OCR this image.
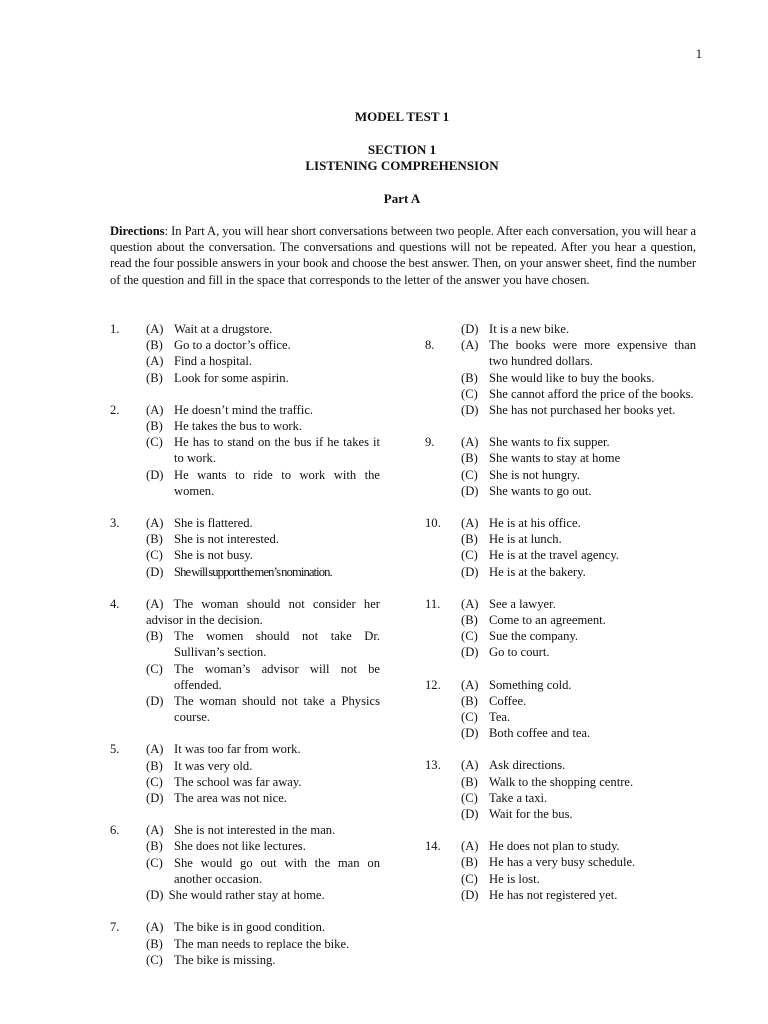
1
MODEL TEST 1
SECTION 1
LISTENING COMPREHENSION
Part A
Directions: In Part A, you will hear short conversations between two people. After each conversation, you will hear a question about the conversation. The conversations and questions will not be repeated. After you hear a question, read the four possible answers in your book and choose the best answer. Then, on your answer sheet, find the number of the question and fill in the space that corresponds to the letter of the answer you have chosen.
1. (A) Wait at a drugstore.
(B) Go to a doctor’s office.
(A) Find a hospital.
(B) Look for some aspirin.
2. (A) He doesn’t mind the traffic.
(B) He takes the bus to work.
(C) He has to stand on the bus if he takes it to work.
(D) He wants to ride to work with the women.
3. (A) She is flattered.
(B) She is not interested.
(C) She is not busy.
(D) She will support the men’s nomination.
4. (A) The woman should not consider her advisor in the decision.
(B) The women should not take Dr. Sullivan’s section.
(C) The woman’s advisor will not be offended.
(D) The woman should not take a Physics course.
5. (A) It was too far from work.
(B) It was very old.
(C) The school was far away.
(D) The area was not nice.
6. (A) She is not interested in the man.
(B) She does not like lectures.
(C) She would go out with the man on another occasion.
(D) She would rather stay at home.
7. (A) The bike is in good condition.
(B) The man needs to replace the bike.
(C) The bike is missing.
(D) It is a new bike.
8. (A) The books were more expensive than two hundred dollars.
(B) She would like to buy the books.
(C) She cannot afford the price of the books.
(D) She has not purchased her books yet.
9. (A) She wants to fix supper.
(B) She wants to stay at home
(C) She is not hungry.
(D) She wants to go out.
10. (A) He is at his office.
(B) He is at lunch.
(C) He is at the travel agency.
(D) He is at the bakery.
11. (A) See a lawyer.
(B) Come to an agreement.
(C) Sue the company.
(D) Go to court.
12. (A) Something cold.
(B) Coffee.
(C) Tea.
(D) Both coffee and tea.
13. (A) Ask directions.
(B) Walk to the shopping centre.
(C) Take a taxi.
(D) Wait for the bus.
14. (A) He does not plan to study.
(B) He has a very busy schedule.
(C) He is lost.
(D) He has not registered yet.
